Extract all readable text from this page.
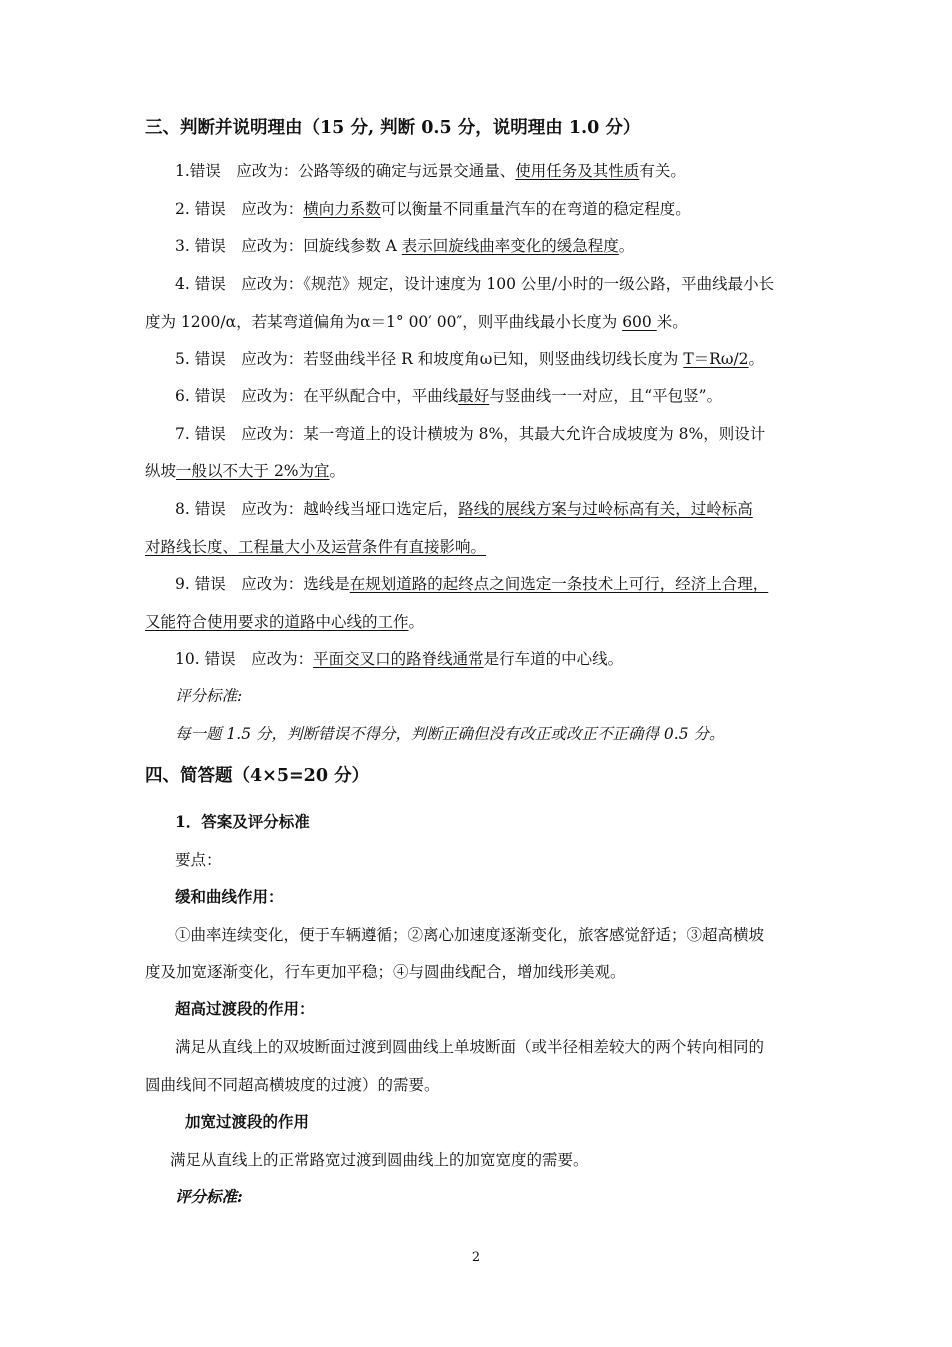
三、判断并说明理由（15 分, 判断 0.5 分，说明理由 1.0 分）
1.错误　应改为：公路等级的确定与远景交通量、使用任务及其性质有关。
2. 错误　应改为：横向力系数可以衡量不同重量汽车的在弯道的稳定程度。
3. 错误　应改为：回旋线参数 A 表示回旋线曲率变化的缓急程度。
4. 错误　应改为：《规范》规定，设计速度为 100 公里/小时的一级公路，平曲线最小长
度为 1200/α，若某弯道偏角为α＝1° 00′ 00″，则平曲线最小长度为 600 米。
5. 错误　应改为：若竖曲线半径 R 和坡度角ω已知，则竖曲线切线长度为 T＝Rω/2。
6. 错误　应改为：在平纵配合中，平曲线最好与竖曲线一一对应，且“平包竖”。
7. 错误　应改为：某一弯道上的设计横坡为 8%，其最大允许合成坡度为 8%，则设计
纵坡一般以不大于 2%为宜。
8. 错误　应改为：越岭线当垭口选定后，路线的展线方案与过岭标高有关，过岭标高
对路线长度、工程量大小及运营条件有直接影响。
9. 错误　应改为：选线是在规划道路的起终点之间选定一条技术上可行，经济上合理，
又能符合使用要求的道路中心线的工作。
10. 错误　应改为：平面交叉口的路脊线通常是行车道的中心线。
评分标准:
每一题 1.5 分，判断错误不得分，判断正确但没有改正或改正不正确得 0.5 分。
四、简答题（4×5=20 分）
1．答案及评分标准
要点：
缓和曲线作用：
①曲率连续变化，便于车辆遵循；②离心加速度逐渐变化，旅客感觉舒适；③超高横坡
度及加宽逐渐变化，行车更加平稳；④与圆曲线配合，增加线形美观。
超高过渡段的作用：
满足从直线上的双坡断面过渡到圆曲线上单坡断面（或半径相差较大的两个转向相同的
圆曲线间不同超高横坡度的过渡）的需要。
加宽过渡段的作用
满足从直线上的正常路宽过渡到圆曲线上的加宽宽度的需要。
评分标准:
2
